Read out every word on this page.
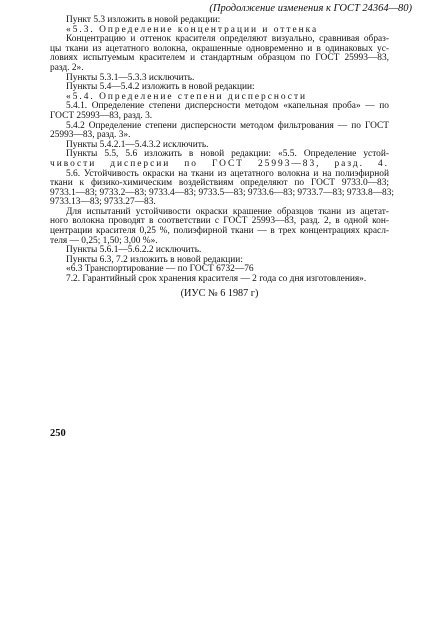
(Продолжение изменения к ГОСТ 24364—80)
Пункт 5.3 изложить в новой редакции:
«5.3. Определение концентрации и оттенка
Концентрацию и оттенок красителя определяют визуально, сравнивая образ-
цы ткани из ацетатного волокна, окрашенные одновременно и в одинаковых ус-
ловиях испытуемым красителем и стандартным образцом по ГОСТ 25993—83,
разд. 2».
Пункты 5.3.1—5.3.3 исключить.
Пункты 5.4—5.4.2 изложить в новой редакции:
«5.4. Определение степени дисперсности
5.4.1. Определение степени дисперсности методом «капельная проба» — по
ГОСТ 25993—83, разд. 3.
5.4.2 Определение степени дисперсности методом фильтрования — по ГОСТ
25993—83, разд. 3».
Пункты 5.4.2.1—5.4.3.2 исключить.
Пункты 5.5, 5.6 изложить в новой редакции: «5.5. Определение устой-
чивости дисперсии по ГОСТ 25993—83, разд. 4.
5.6. Устойчивость окраски на ткани из ацетатного волокна и на полиэфирной
ткани к физико-химическим воздействиям определяют по ГОСТ 9733.0—83;
9733.1—83; 9733.2—83; 9733.4—83; 9733.5—83; 9733.6—83; 9733.7—83; 9733.8—83;
9733.13—83; 9733.27—83.
Для испытаний устойчивости окраски крашение образцов ткани из ацетат-
ного волокна проводят в соответствии с ГОСТ 25993—83, разд. 2, в одной кон-
центрации красителя 0,25 %, полиэфирной ткани — в трех концентрациях красл-
теля — 0,25; 1,50; 3,00 %».
Пункты 5.6.1—5.6.2.2 исключить.
Пункты 6.3, 7.2 изложить в новой редакции:
«6.3 Транспортирование — по ГОСТ 6732—76
7.2. Гарантийный срок хранения красителя — 2 года со дня изготовления».
(ИУС № 6 1987 г)
250
